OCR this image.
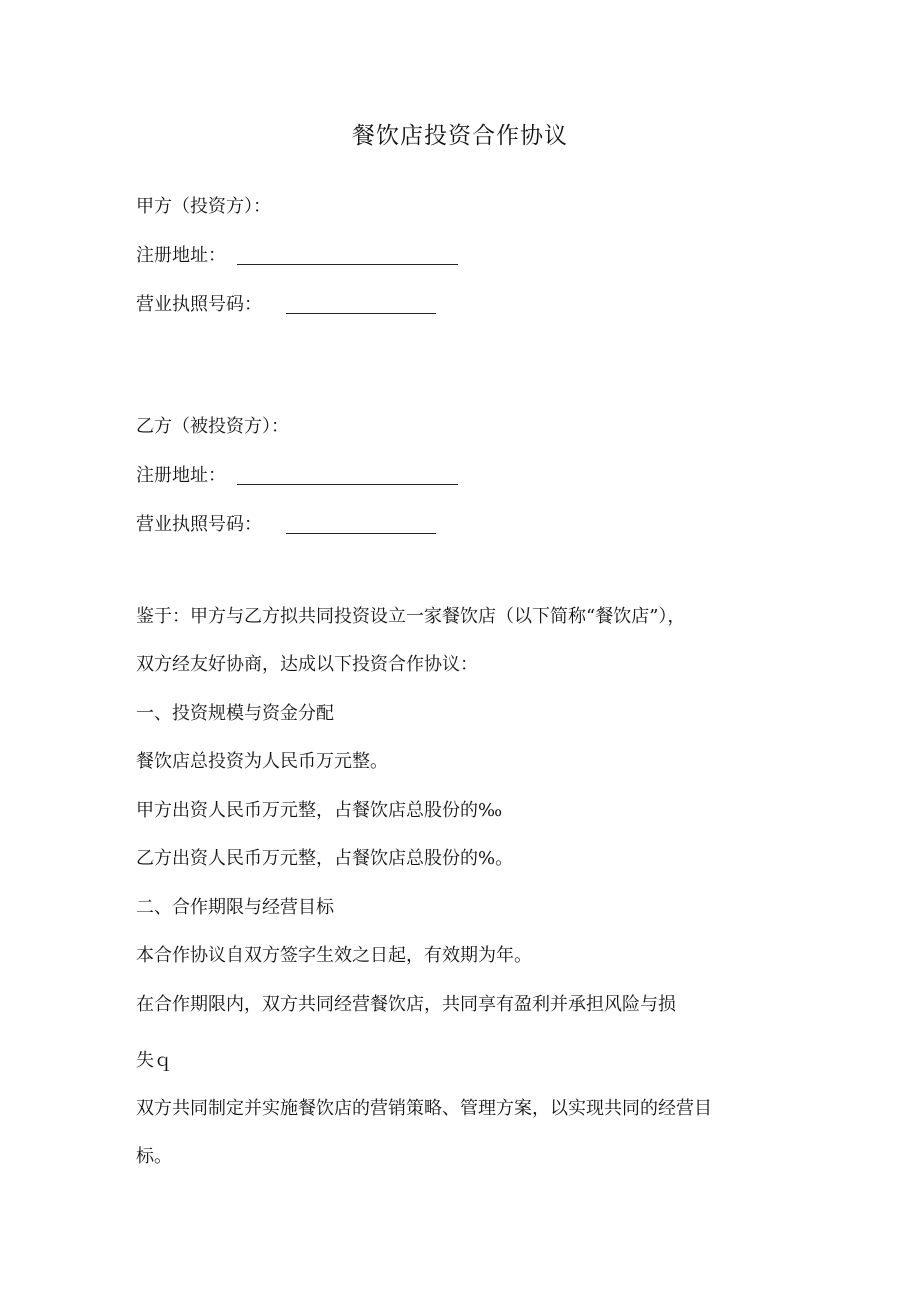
餐饮店投资合作协议
甲方（投资方）：
注册地址：
营业执照号码：
乙方（被投资方）：
注册地址：
营业执照号码：
鉴于：甲方与乙方拟共同投资设立一家餐饮店（以下简称“餐饮店”），
双方经友好协商，达成以下投资合作协议：
一、投资规模与资金分配
餐饮店总投资为人民币万元整。
甲方出资人民币万元整，占餐饮店总股份的‰
乙方出资人民币万元整，占餐饮店总股份的%。
二、合作期限与经营目标
本合作协议自双方签字生效之日起，有效期为年。
在合作期限内，双方共同经营餐饮店，共同享有盈利并承担风险与损
失ｑ
双方共同制定并实施餐饮店的营销策略、管理方案，以实现共同的经营目
标。
